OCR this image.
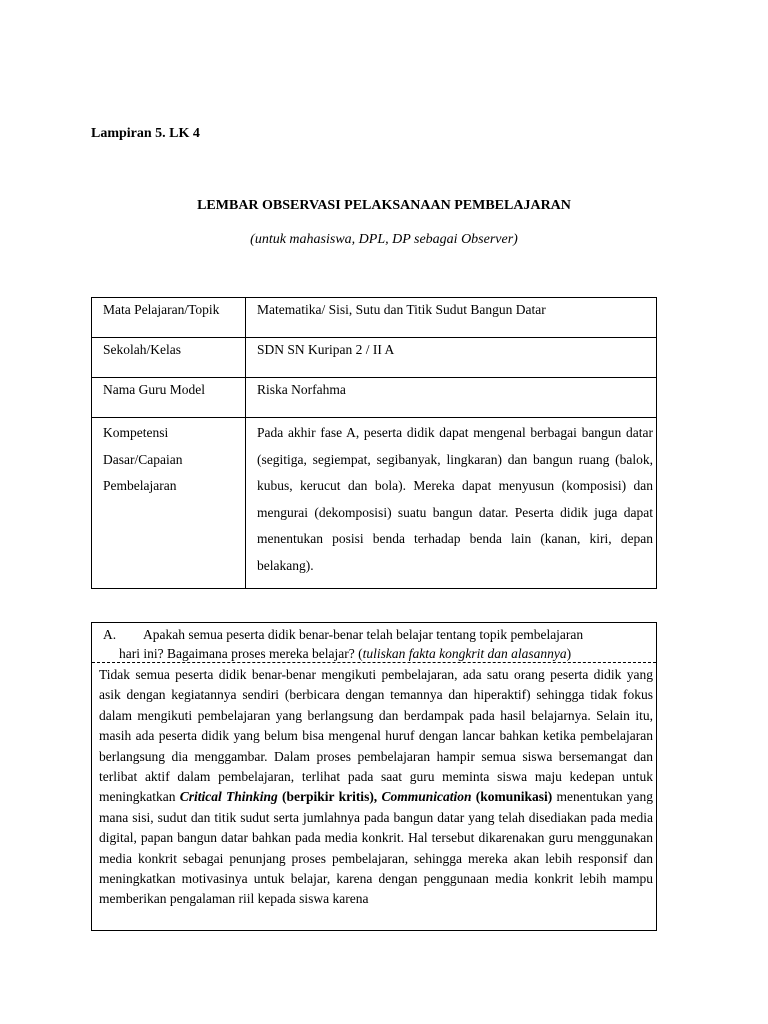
Lampiran 5. LK 4

LEMBAR OBSERVASI PELAKSANAAN PEMBELAJARAN

(untuk mahasiswa, DPL, DP sebagai Observer)
Mata Pelajaran/Topik	Matematika/ Sisi, Sutu dan Titik Sudut Bangun Datar
Sekolah/Kelas	SDN SN Kuripan 2 / II A
Nama Guru Model	Riska Norfahma
Kompetensi Dasar/Capaian Pembelajaran	Pada akhir fase A, peserta didik dapat mengenal berbagai bangun datar (segitiga, segiempat, segibanyak, lingkaran) dan bangun ruang (balok, kubus, kerucut dan bola). Mereka dapat menyusun (komposisi) dan mengurai (dekomposisi) suatu bangun datar. Peserta didik juga dapat menentukan posisi benda terhadap benda lain (kanan, kiri, depan belakang).
A. Apakah semua peserta didik benar-benar telah belajar tentang topik pembelajaran
hari ini? Bagaimana proses mereka belajar? (tuliskan fakta kongkrit dan alasannya)
Tidak semua peserta didik benar-benar mengikuti pembelajaran, ada satu orang peserta didik yang asik dengan kegiatannya sendiri (berbicara dengan temannya dan hiperaktif) sehingga tidak fokus dalam mengikuti pembelajaran yang berlangsung dan berdampak pada hasil belajarnya. Selain itu, masih ada peserta didik yang belum bisa mengenal huruf dengan lancar bahkan ketika pembelajaran berlangsung dia menggambar. Dalam proses pembelajaran hampir semua siswa bersemangat dan terlibat aktif dalam pembelajaran, terlihat pada saat guru meminta siswa maju kedepan untuk meningkatkan Critical Thinking (berpikir kritis), Communication (komunikasi) menentukan yang mana sisi, sudut dan titik sudut serta jumlahnya pada bangun datar yang telah disediakan pada media digital, papan bangun datar bahkan pada media konkrit. Hal tersebut dikarenakan guru menggunakan media konkrit sebagai penunjang proses pembelajaran, sehingga mereka akan lebih responsif dan meningkatkan motivasinya untuk belajar, karena dengan penggunaan media konkrit lebih mampu memberikan pengalaman riil kepada siswa karena
